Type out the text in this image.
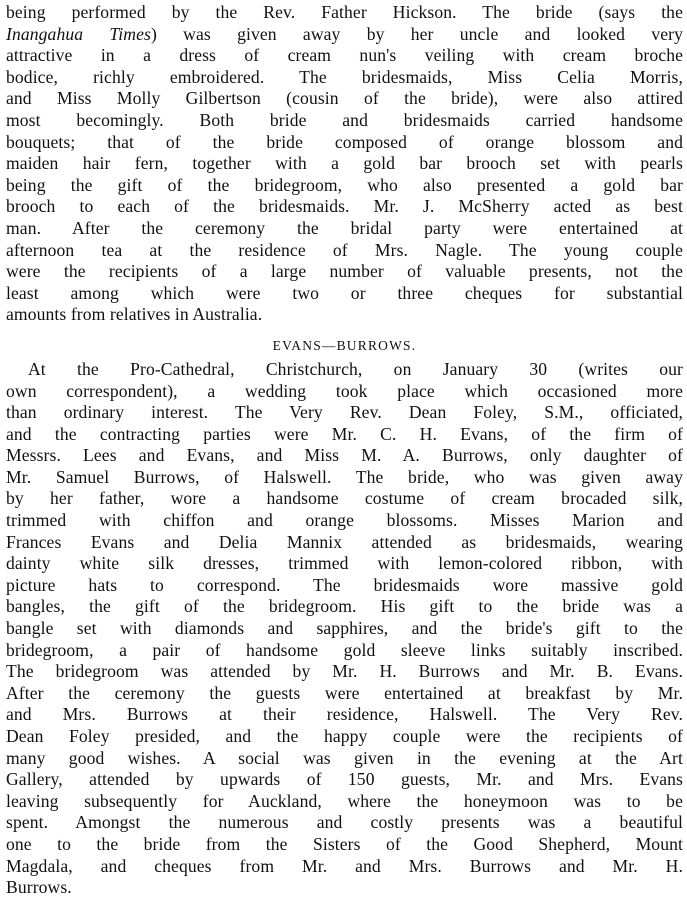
being performed by the Rev. Father Hickson. The bride (says the
Inangahua Times) was given away by her uncle and looked very
attractive in a dress of cream nun's veiling with cream broche
bodice, richly embroidered. The bridesmaids, Miss Celia Morris,
and Miss Molly Gilbertson (cousin of the bride), were also attired
most becomingly. Both bride and bridesmaids carried handsome
bouquets; that of the bride composed of orange blossom and
maiden hair fern, together with a gold bar brooch set with pearls
being the gift of the bridegroom, who also presented a gold bar
brooch to each of the bridesmaids. Mr. J. McSherry acted as best
man. After the ceremony the bridal party were entertained at
afternoon tea at the residence of Mrs. Nagle. The young couple
were the recipients of a large number of valuable presents, not the
least among which were two or three cheques for substantial
amounts from relatives in Australia.
EVANS—BURROWS.
At the Pro-Cathedral, Christchurch, on January 30 (writes our
own correspondent), a wedding took place which occasioned more
than ordinary interest. The Very Rev. Dean Foley, S.M., officiated,
and the contracting parties were Mr. C. H. Evans, of the firm of
Messrs. Lees and Evans, and Miss M. A. Burrows, only daughter of
Mr. Samuel Burrows, of Halswell. The bride, who was given away
by her father, wore a handsome costume of cream brocaded silk,
trimmed with chiffon and orange blossoms. Misses Marion and
Frances Evans and Delia Mannix attended as bridesmaids, wearing
dainty white silk dresses, trimmed with lemon-colored ribbon, with
picture hats to correspond. The bridesmaids wore massive gold
bangles, the gift of the bridegroom. His gift to the bride was a
bangle set with diamonds and sapphires, and the bride's gift to the
bridegroom, a pair of handsome gold sleeve links suitably inscribed.
The bridegroom was attended by Mr. H. Burrows and Mr. B. Evans.
After the ceremony the guests were entertained at breakfast by Mr.
and Mrs. Burrows at their residence, Halswell. The Very Rev.
Dean Foley presided, and the happy couple were the recipients of
many good wishes. A social was given in the evening at the Art
Gallery, attended by upwards of 150 guests, Mr. and Mrs. Evans
leaving subsequently for Auckland, where the honeymoon was to be
spent. Amongst the numerous and costly presents was a beautiful
one to the bride from the Sisters of the Good Shepherd, Mount
Magdala, and cheques from Mr. and Mrs. Burrows and Mr. H.
Burrows.
